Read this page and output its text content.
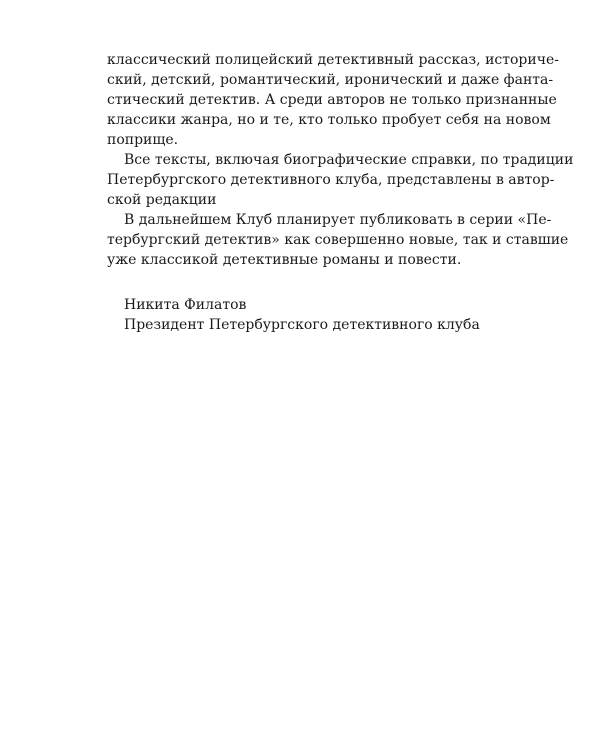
классический полицейский детективный рассказ, историче-
ский, детский, романтический, иронический и даже фанта-
стический детектив. А среди авторов не только признанные
классики жанра, но и те, кто только пробует себя на новом
поприще.
Все тексты, включая биографические справки, по традиции
Петербургского детективного клуба, представлены в автор-
ской редакции
В дальнейшем Клуб планирует публиковать в серии «Пе-
тербургский детектив» как совершенно новые, так и ставшие
уже классикой детективные романы и повести.
Никита Филатов
Президент Петербургского детективного клуба
